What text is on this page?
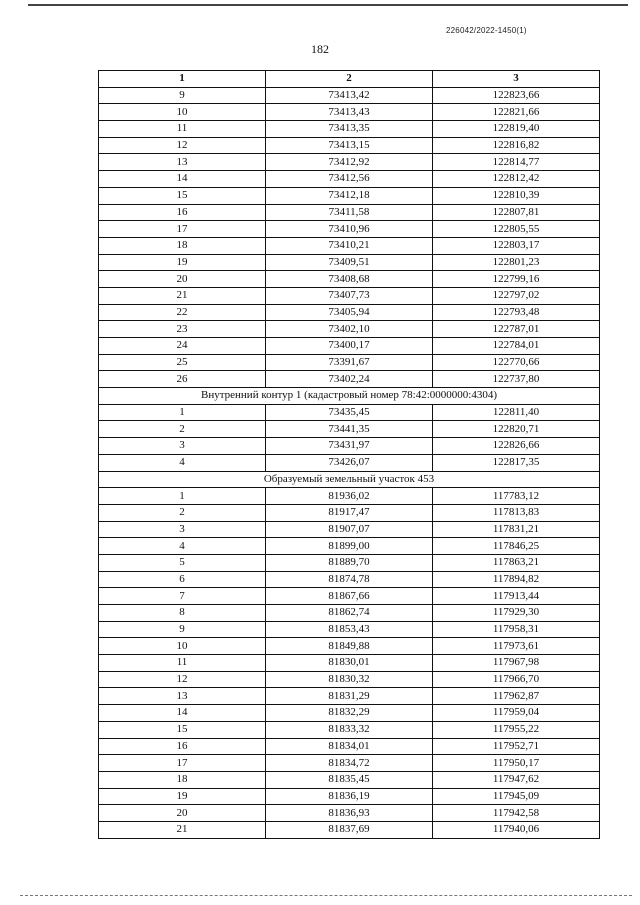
226042/2022-1450(1)
182
1	2	3
9	73413,42	122823,66
10	73413,43	122821,66
11	73413,35	122819,40
12	73413,15	122816,82
13	73412,92	122814,77
14	73412,56	122812,42
15	73412,18	122810,39
16	73411,58	122807,81
17	73410,96	122805,55
18	73410,21	122803,17
19	73409,51	122801,23
20	73408,68	122799,16
21	73407,73	122797,02
22	73405,94	122793,48
23	73402,10	122787,01
24	73400,17	122784,01
25	73391,67	122770,66
26	73402,24	122737,80
Внутренний контур 1 (кадастровый номер 78:42:0000000:4304)		
1	73435,45	122811,40
2	73441,35	122820,71
3	73431,97	122826,66
4	73426,07	122817,35
Образуемый земельный участок 453		
1	81936,02	117783,12
2	81917,47	117813,83
3	81907,07	117831,21
4	81899,00	117846,25
5	81889,70	117863,21
6	81874,78	117894,82
7	81867,66	117913,44
8	81862,74	117929,30
9	81853,43	117958,31
10	81849,88	117973,61
11	81830,01	117967,98
12	81830,32	117966,70
13	81831,29	117962,87
14	81832,29	117959,04
15	81833,32	117955,22
16	81834,01	117952,71
17	81834,72	117950,17
18	81835,45	117947,62
19	81836,19	117945,09
20	81836,93	117942,58
21	81837,69	117940,06
